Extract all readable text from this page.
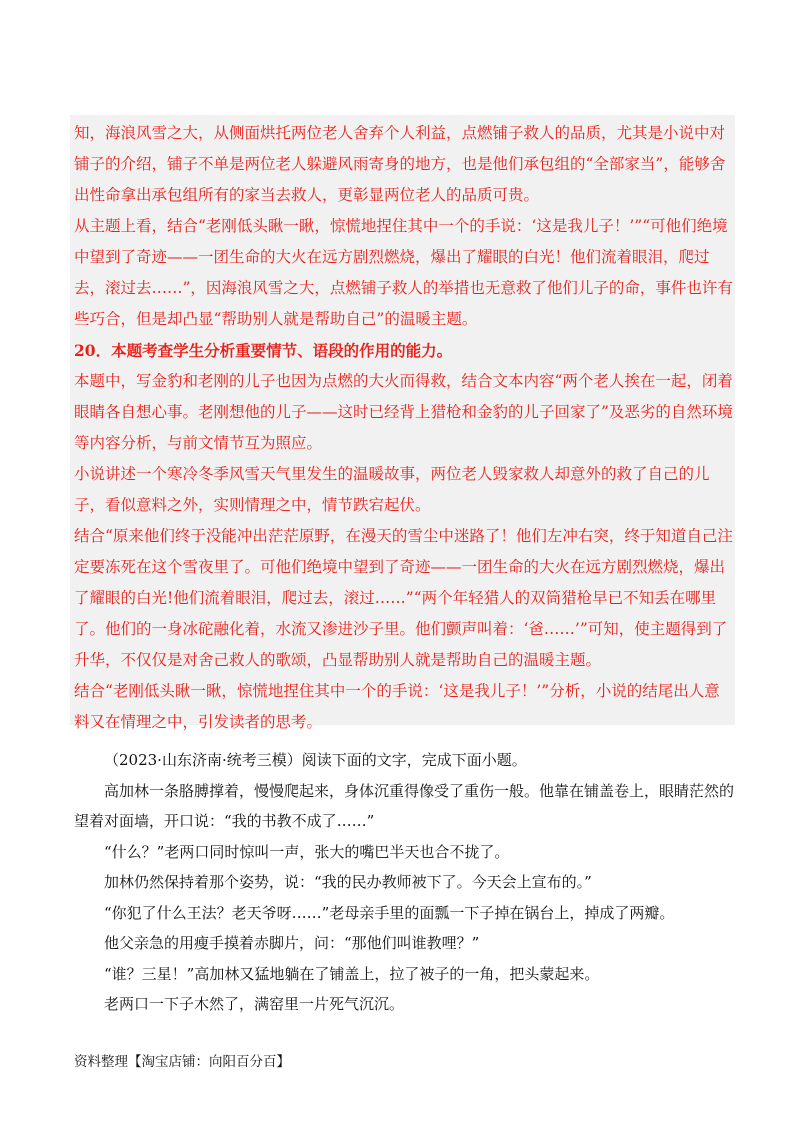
知，海浪风雪之大，从侧面烘托两位老人舍弃个人利益，点燃铺子救人的品质，尤其是小说中对铺子的介绍，铺子不单是两位老人躲避风雨寄身的地方，也是他们承包组的“全部家当”，能够舍出性命拿出承包组所有的家当去救人，更彰显两位老人的品质可贵。

从主题上看，结合“老刚低头瞅一瞅，惊慌地捏住其中一个的手说：‘这是我儿子！’”“可他们绝境中望到了奇迹——一团生命的大火在远方剧烈燃烧，爆出了耀眼的白光！他们流着眼泪，爬过去，滚过去……”，因海浪风雪之大，点燃铺子救人的举措也无意救了他们儿子的命，事件也许有些巧合，但是却凸显“帮助别人就是帮助自己”的温暖主题。

20．本题考查学生分析重要情节、语段的作用的能力。

本题中，写金豹和老刚的儿子也因为点燃的大火而得救，结合文本内容“两个老人挨在一起，闭着眼睛各自想心事。老刚想他的儿子——这时已经背上猎枪和金豹的儿子回家了”及恶劣的自然环境等内容分析，与前文情节互为照应。

小说讲述一个寒冷冬季风雪天气里发生的温暖故事，两位老人毁家救人却意外的救了自己的儿子，看似意料之外，实则情理之中，情节跌宕起伏。

结合“原来他们终于没能冲出茫茫原野，在漫天的雪尘中迷路了！他们左冲右突，终于知道自己注定要冻死在这个雪夜里了。可他们绝境中望到了奇迹——一团生命的大火在远方剧烈燃烧，爆出了耀眼的白光!他们流着眼泪，爬过去，滚过……”“两个年轻猎人的双筒猎枪早已不知丢在哪里了。他们的一身冰砣融化着，水流又渗进沙子里。他们颤声叫着：‘爸……’”可知，使主题得到了升华，不仅仅是对舍己救人的歌颂，凸显帮助别人就是帮助自己的温暖主题。

结合“老刚低头瞅一瞅，惊慌地捏住其中一个的手说：‘这是我儿子！’”分析，小说的结尾出人意料又在情理之中，引发读者的思考。

（2023·山东济南·统考三模）阅读下面的文字，完成下面小题。

高加林一条胳膊撑着，慢慢爬起来，身体沉重得像受了重伤一般。他靠在铺盖卷上，眼睛茫然的望着对面墙，开口说：“我的书教不成了……”

“什么？”老两口同时惊叫一声，张大的嘴巴半天也合不拢了。

加林仍然保持着那个姿势，说：“我的民办教师被下了。今天会上宣布的。”

“你犯了什么王法？老天爷呀……”老母亲手里的面瓢一下子掉在锅台上，掉成了两瓣。

他父亲急的用瘦手摸着赤脚片，问：“那他们叫谁教哩？”

“谁？三星！”高加林又猛地躺在了铺盖上，拉了被子的一角，把头蒙起来。

老两口一下子木然了，满窑里一片死气沉沉。

资料整理【淘宝店铺：向阳百分百】
